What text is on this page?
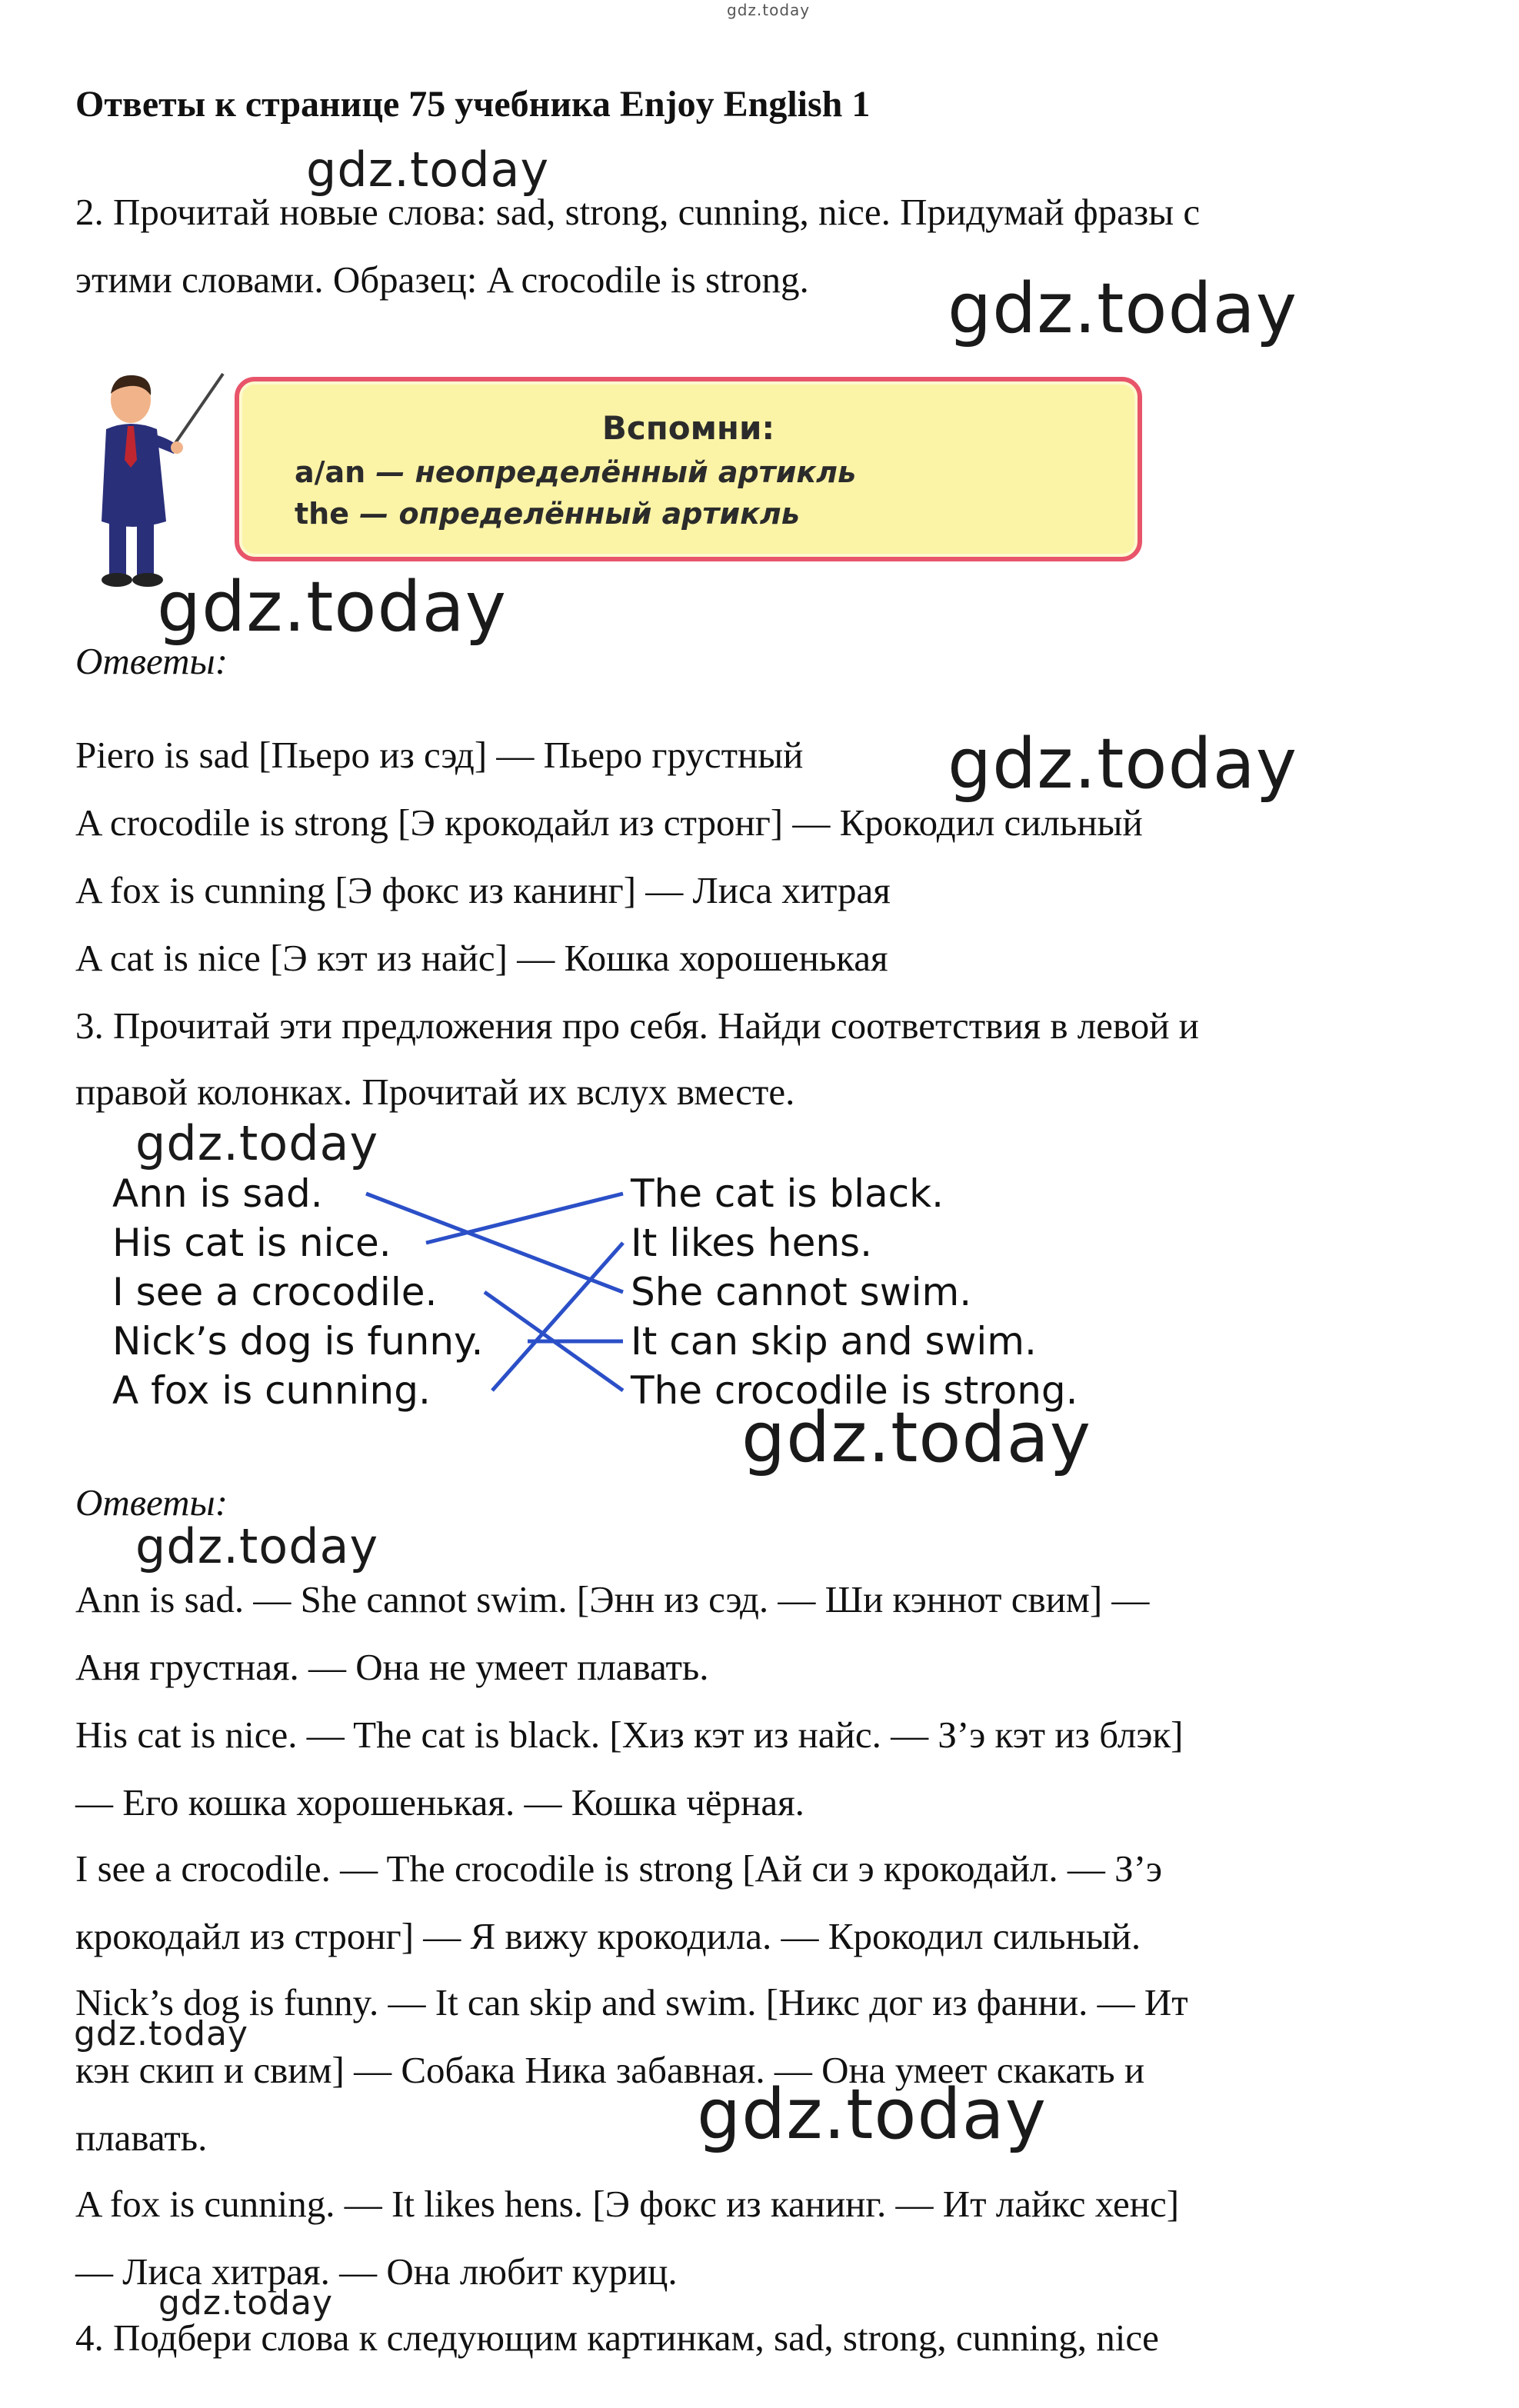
gdz.today

Ответы к странице 75 учебника Enjoy English 1

gdz.today

2. Прочитай новые слова: sad, strong, cunning, nice. Придумай фразы с

этими словами. Образец: A crocodile is strong. gdz.today
Вспомни:
a/an — неопределённый артикль
the — определённый артикль
gdz.today

Ответы:

Piero is sad [Пьеро из сэд] — Пьеро грустный gdz.today

A crocodile is strong [Э крокодайл из стронг] — Крокодил сильный

A fox is cunning [Э фокс из канинг] — Лиса хитрая

A cat is nice [Э кэт из найс] — Кошка хорошенькая

3. Прочитай эти предложения про себя. Найди соответствия в левой и

правой колонках. Прочитай их вслух вместе.

gdz.today
Ann is sad.
His cat is nice.
I see a crocodile.
Nick’s dog is funny.
A fox is cunning.
The cat is black.
It likes hens.
She cannot swim.
It can skip and swim.
The crocodile is strong.
gdz.today

Ответы:

gdz.today

Ann is sad. — She cannot swim. [Энн из сэд. — Ши кэннот свим] —

Аня грустная. — Она не умеет плавать.

His cat is nice. — The cat is black. [Хиз кэт из найс. — З’э кэт из блэк]

— Его кошка хорошенькая. — Кошка чёрная.

I see a crocodile. — The crocodile is strong [Ай си э крокодайл. — З’э

крокодайл из стронг] — Я вижу крокодила. — Крокодил сильный.

Nick’s dog is funny. — It can skip and swim. [Никс дог из фанни. — Ит

gdz.today

кэн скип и свим] — Собака Ника забавная. — Она умеет скакать и

плавать.	gdz.today

A fox is cunning. — It likes hens. [Э фокс из канинг. — Ит лайкс хенс]

— Лиса хитрая. — Она любит куриц.

gdz.today

4. Подбери слова к следующим картинкам, sad, strong, cunning, nice
